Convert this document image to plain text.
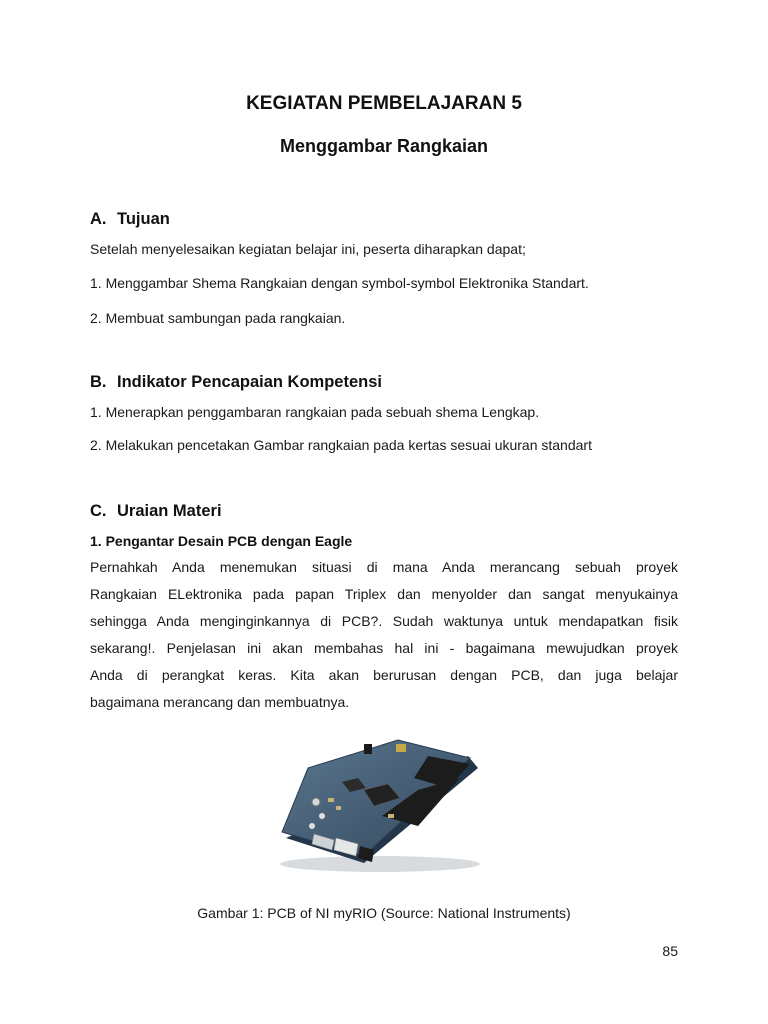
KEGIATAN PEMBELAJARAN 5
Menggambar Rangkaian
A. Tujuan
Setelah menyelesaikan kegiatan belajar ini, peserta diharapkan dapat;
1. Menggambar Shema Rangkaian dengan symbol-symbol Elektronika Standart.
2. Membuat sambungan pada rangkaian.
B. Indikator Pencapaian Kompetensi
1. Menerapkan penggambaran rangkaian pada sebuah shema Lengkap.
2. Melakukan pencetakan Gambar rangkaian pada kertas sesuai ukuran standart
C. Uraian Materi
1. Pengantar Desain PCB dengan Eagle
Pernahkah Anda menemukan situasi di mana Anda merancang sebuah proyek
Rangkaian ELektronika pada papan Triplex dan menyolder dan sangat menyukainya
sehingga Anda menginginkannya di PCB?. Sudah waktunya untuk mendapatkan fisik
sekarang!. Penjelasan ini akan membahas hal ini - bagaimana mewujudkan proyek
Anda di perangkat keras. Kita akan berurusan dengan PCB, dan juga belajar
bagaimana merancang dan membuatnya.
Gambar 1: PCB of NI myRIO (Source: National Instruments)
85
